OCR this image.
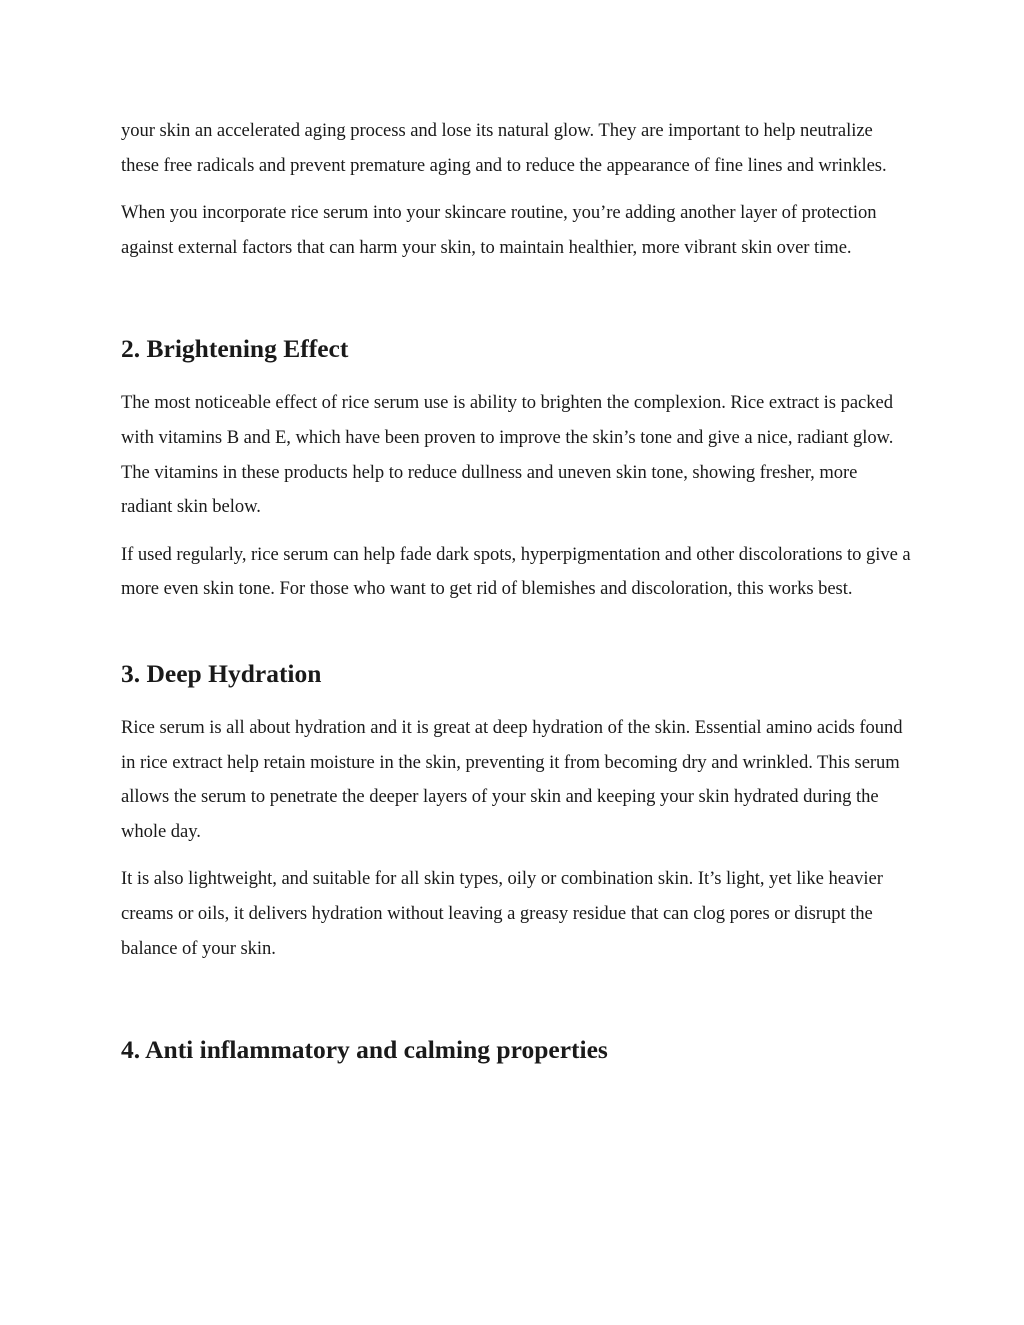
your skin an accelerated aging process and lose its natural glow. They are important to help neutralize these free radicals and prevent premature aging and to reduce the appearance of fine lines and wrinkles.

When you incorporate rice serum into your skincare routine, you’re adding another layer of protection against external factors that can harm your skin, to maintain healthier, more vibrant skin over time.

2. Brightening Effect

The most noticeable effect of rice serum use is ability to brighten the complexion. Rice extract is packed with vitamins B and E, which have been proven to improve the skin’s tone and give a nice, radiant glow. The vitamins in these products help to reduce dullness and uneven skin tone, showing fresher, more radiant skin below.

If used regularly, rice serum can help fade dark spots, hyperpigmentation and other discolorations to give a more even skin tone. For those who want to get rid of blemishes and discoloration, this works best.

3. Deep Hydration

Rice serum is all about hydration and it is great at deep hydration of the skin. Essential amino acids found in rice extract help retain moisture in the skin, preventing it from becoming dry and wrinkled. This serum allows the serum to penetrate the deeper layers of your skin and keeping your skin hydrated during the whole day.

It is also lightweight, and suitable for all skin types, oily or combination skin. It’s light, yet like heavier creams or oils, it delivers hydration without leaving a greasy residue that can clog pores or disrupt the balance of your skin.

4. Anti inflammatory and calming properties
